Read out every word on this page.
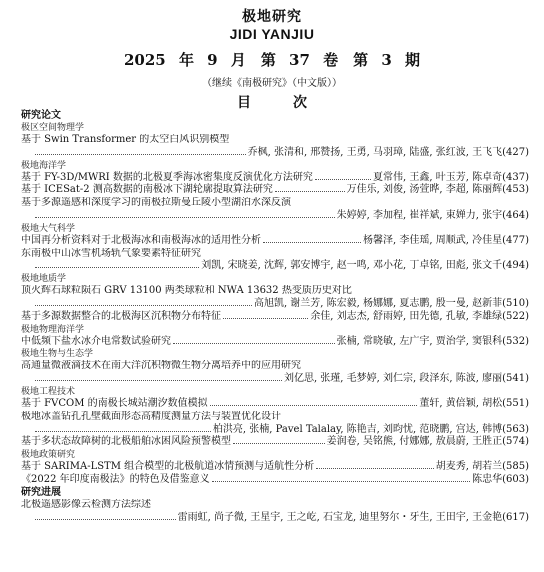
极地研究
JIDI YANJIU
2025 年 9 月　第 37 卷　第 3 期
（继续《南极研究》（中文版））
目　次
研究论文
极区空间物理学
基于 Swin Transformer 的太空白风识别模型
乔枫, 张清和, 邢赞扬, 王勇, 马羽璋, 陆盛, 张红波, 王飞飞 (427)
极地海洋学
基于 FY-3D/MWRI 数据的北极夏季海冰密集度反演优化方法研究	夏常伟, 王鑫, 叶玉芳, 陈卓奇 (437)
基于 ICESat-2 测高数据的南极冰下湖轮廓提取算法研究	万佳乐, 刘俊, 汤萱晔, 李超, 陈丽辉 (453)
基于多源遥感和深度学习的南极拉斯曼丘陵小型湖泊水深反演
朱婷婷, 李加程, 崔祥斌, 束婵力, 张宇 (464)
极地大气科学
中国再分析资料对于北极海冰和南极海冰的适用性分析	杨馨泽, 李佳瑶, 周顺武, 冷佳星 (477)
东南极中山冰雪机场轨气象要素特征研究
刘凯, 宋晓姜, 沈辉, 郭安博宇, 赵一鸣, 邓小花, 丁卓铭, 田彪, 张文千 (494)
极地地质学
顶火辉石球粒陨石 GRV 13100 两类球粒和 NWA 13632 热变质历史对比
高旭凯, 谢兰芳, 陈宏毅, 杨娜娜, 夏志鹏, 殷一曼, 赵新菲 (510)
基于多源数据整合的北极海区沉积物分布特征	余佳, 刘志杰, 舒雨婷, 田先德, 孔敏, 李雄绿 (522)
极地物理海洋学
中低频下盐水冰介电常数试验研究	张楠, 常晓敏, 左广宇, 贾治学, 窦银科 (532)
极地生物与生态学
高通量微液滴技术在南大洋沉积物微生物分离培养中的应用研究
刘亿思, 张瑾, 毛梦婷, 刘仁宗, 段泽东, 陈波, 廖丽 (541)
极地工程技术
基于 FVCOM 的南极长城站潮汐数值模拟	董轩, 黄倍颖, 胡松 (551)
极地冰盖钻孔孔壁截面形态高精度测量方法与装置优化设计
柏洪亮, 张楠, Pavel Talalay, 陈艳吉, 刘昀忧, 范晓鹏, 宫达, 韩博 (563)
基于多状态故障树的北极船舶冰困风险预警模型	姜润卷, 吴铭熊, 付娜娜, 敖晨蔚, 王胜正 (574)
极地政策研究
基于 SARIMA-LSTM 组合模型的北极航道冰情预测与适航性分析	胡麦秀, 胡若兰 (585)
《2022 年印度南极法》的特色及借鉴意义	陈忠华 (603)
研究进展
北极遥感影像云检测方法综述
雷雨虹, 尚子微, 王星宇, 王之屹, 石宝龙, 迪里努尔・牙生, 王田宇, 王金艳 (617)
